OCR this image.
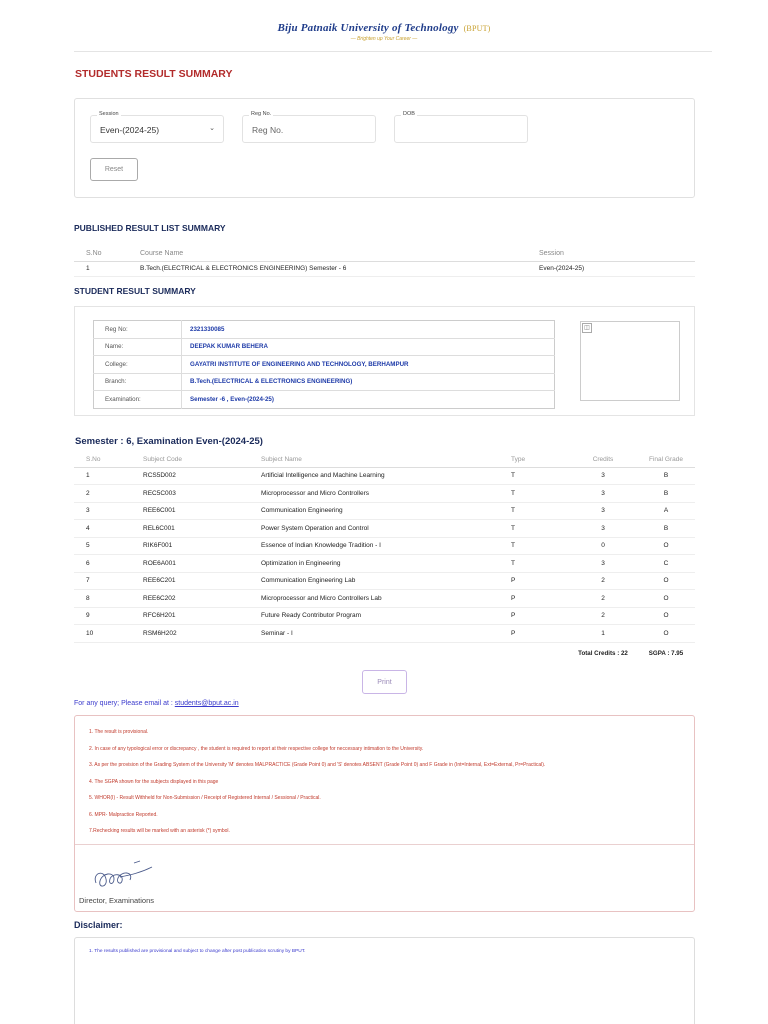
Biju Patnaik University of Technology (BPUT)
— Brighten up Your Career —
STUDENTS RESULT SUMMARY
Session
Even-(2024-25)	⌄
Reg No.
Reg No.
DOB
Reset
PUBLISHED RESULT LIST SUMMARY
S.No	Course Name	Session
1	B.Tech.(ELECTRICAL & ELECTRONICS ENGINEERING) Semester - 6	Even-(2024-25)
STUDENT RESULT SUMMARY
Reg No:	2321330085
Name:	DEEPAK KUMAR BEHERA
College:	GAYATRI INSTITUTE OF ENGINEERING AND TECHNOLOGY, BERHAMPUR
Branch:	B.Tech.(ELECTRICAL & ELECTRONICS ENGINEERING)
Examination:	Semester -6 , Even-(2024-25)
◫
Semester : 6, Examination Even-(2024-25)
S.No	Subject Code	Subject Name	Type	Credits	Final Grade
1	RCS5D002	Artificial Intelligence and Machine Learning	T	3	B
2	REC5C003	Microprocessor and Micro Controllers	T	3	B
3	REE6C001	Communication Engineering	T	3	A
4	REL6C001	Power System Operation and Control	T	3	B
5	RIK6F001	Essence of Indian Knowledge Tradition - I	T	0	O
6	ROE6A001	Optimization in Engineering	T	3	C
7	REE6C201	Communication Engineering Lab	P	2	O
8	REE6C202	Microprocessor and Micro Controllers Lab	P	2	O
9	RFC6H201	Future Ready Contributor Program	P	2	O
10	RSM6H202	Seminar - I	P	1	O
				Total Credits : 22	SGPA : 7.95
Print
For any query; Please email at : students@bput.ac.in
1. The result is provisional.
2. In case of any typological error or discrepancy , the student is required to report at their respective college for neccessary intimation to the University.
3. As per the provision of the Grading System of the University 'M' denotes MALPRACTICE (Grade Point 0) and 'S' denotes ABSENT (Grade Point 0) and F Grade in (Int=Internal, Ext=External, Pr=Practical).
4. The SGPA shown for the subjects displayed in this page
5. WHOR(I) - Result Withheld for Non-Submission / Receipt of Registered Internal / Sessional / Practical.
6. MPR- Malpractice Reported.
7.Rechecking results will be marked with an asterisk (*) symbol.
Director, Examinations
Disclaimer:

1. The results published are provisional and subject to change after post publication scrutiny by BPUT.
